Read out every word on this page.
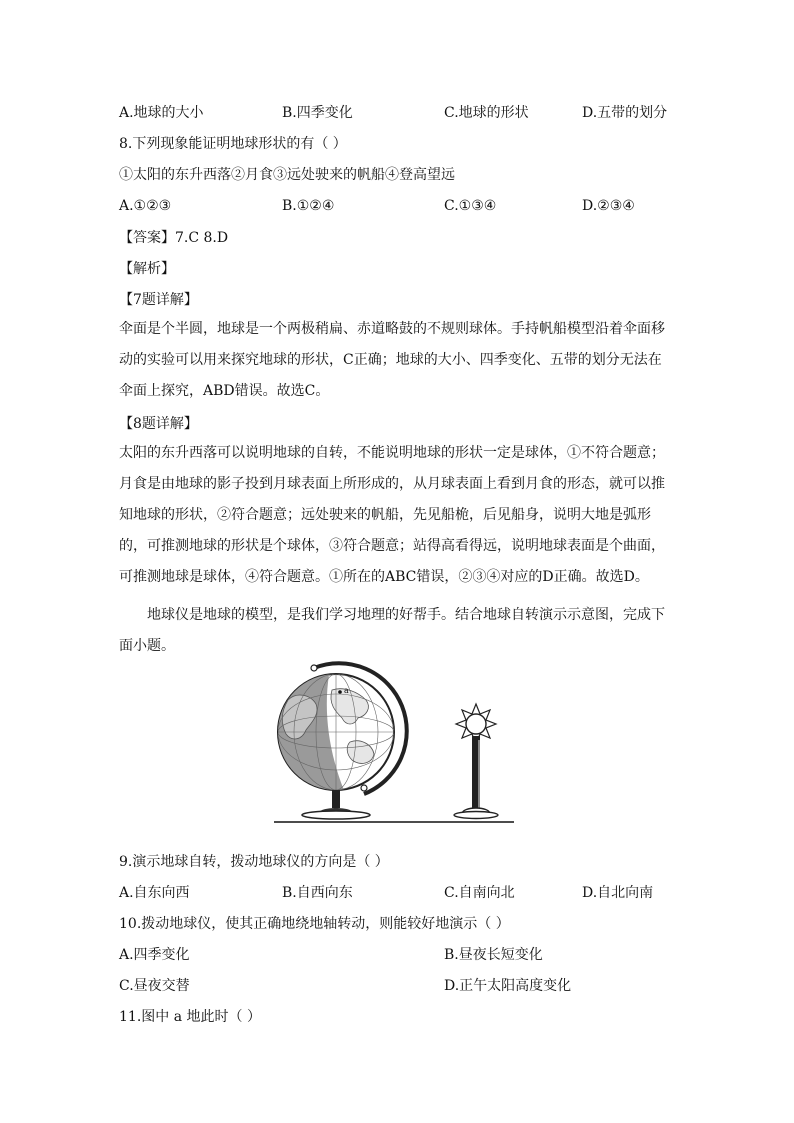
A.地球的大小	B.四季变化	C.地球的形状	D.五带的划分
8.下列现象能证明地球形状的有（ ）
①太阳的东升西落②月食③远处驶来的帆船④登高望远
A.①②③	B.①②④	C.①③④	D.②③④
【答案】7.C 8.D
【解析】
【7题详解】

伞面是个半圆，地球是一个两极稍扁、赤道略鼓的不规则球体。手持帆船模型沿着伞面移动的实验可以用来探究地球的形状，C正确；地球的大小、四季变化、五带的划分无法在伞面上探究，ABD错误。故选C。

【8题详解】

太阳的东升西落可以说明地球的自转，不能说明地球的形状一定是球体，①不符合题意；月食是由地球的影子投到月球表面上所形成的，从月球表面上看到月食的形态，就可以推知地球的形状，②符合题意；远处驶来的帆船，先见船桅，后见船身，说明大地是弧形的，可推测地球的形状是个球体，③符合题意；站得高看得远，说明地球表面是个曲面，可推测地球是球体，④符合题意。①所在的ABC错误，②③④对应的D正确。故选D。

地球仪是地球的模型，是我们学习地理的好帮手。结合地球自转演示示意图，完成下面小题。

a
9.演示地球自转，拨动地球仪的方向是（ ）
A.自东向西	B.自西向东	C.自南向北	D.自北向南
10.拨动地球仪，使其正确地绕地轴转动，则能较好地演示（ ）
A.四季变化	B.昼夜长短变化
C.昼夜交替	D.正午太阳高度变化
11.图中 a 地此时（ ）
